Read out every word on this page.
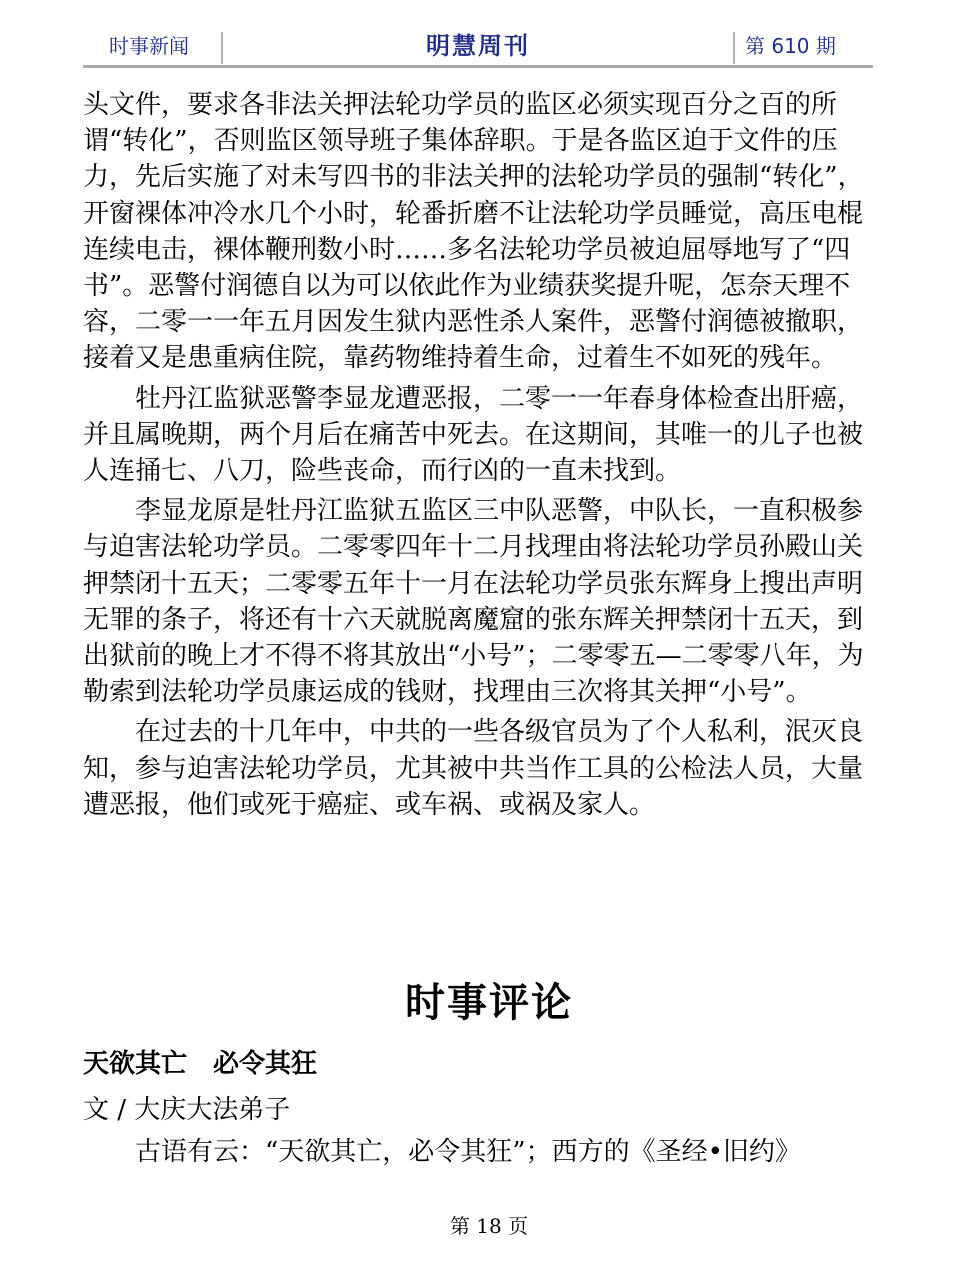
时事新闻	明慧周刊	第 610 期

头文件，要求各非法关押法轮功学员的监区必须实现百分之百的所谓“转化”，否则监区领导班子集体辞职。于是各监区迫于文件的压力，先后实施了对未写四书的非法关押的法轮功学员的强制“转化”，开窗裸体冲冷水几个小时，轮番折磨不让法轮功学员睡觉，高压电棍连续电击，裸体鞭刑数小时……多名法轮功学员被迫屈辱地写了“四书”。恶警付润德自以为可以依此作为业绩获奖提升呢，怎奈天理不容，二零一一年五月因发生狱内恶性杀人案件，恶警付润德被撤职，接着又是患重病住院，靠药物维持着生命，过着生不如死的残年。

牡丹江监狱恶警李显龙遭恶报，二零一一年春身体检查出肝癌，并且属晚期，两个月后在痛苦中死去。在这期间，其唯一的儿子也被人连捅七、八刀，险些丧命，而行凶的一直未找到。

李显龙原是牡丹江监狱五监区三中队恶警，中队长，一直积极参与迫害法轮功学员。二零零四年十二月找理由将法轮功学员孙殿山关押禁闭十五天；二零零五年十一月在法轮功学员张东辉身上搜出声明无罪的条子，将还有十六天就脱离魔窟的张东辉关押禁闭十五天，到出狱前的晚上才不得不将其放出“小号”；二零零五—二零零八年，为勒索到法轮功学员康运成的钱财，找理由三次将其关押“小号”。

在过去的十几年中，中共的一些各级官员为了个人私利，泯灭良知，参与迫害法轮功学员，尤其被中共当作工具的公检法人员，大量遭恶报，他们或死于癌症、或车祸、或祸及家人。

时事评论
天欲其亡　必令其狂
文 / 大庆大法弟子
古语有云：“天欲其亡，必令其狂”；西方的《圣经•旧约》
第 18 页
